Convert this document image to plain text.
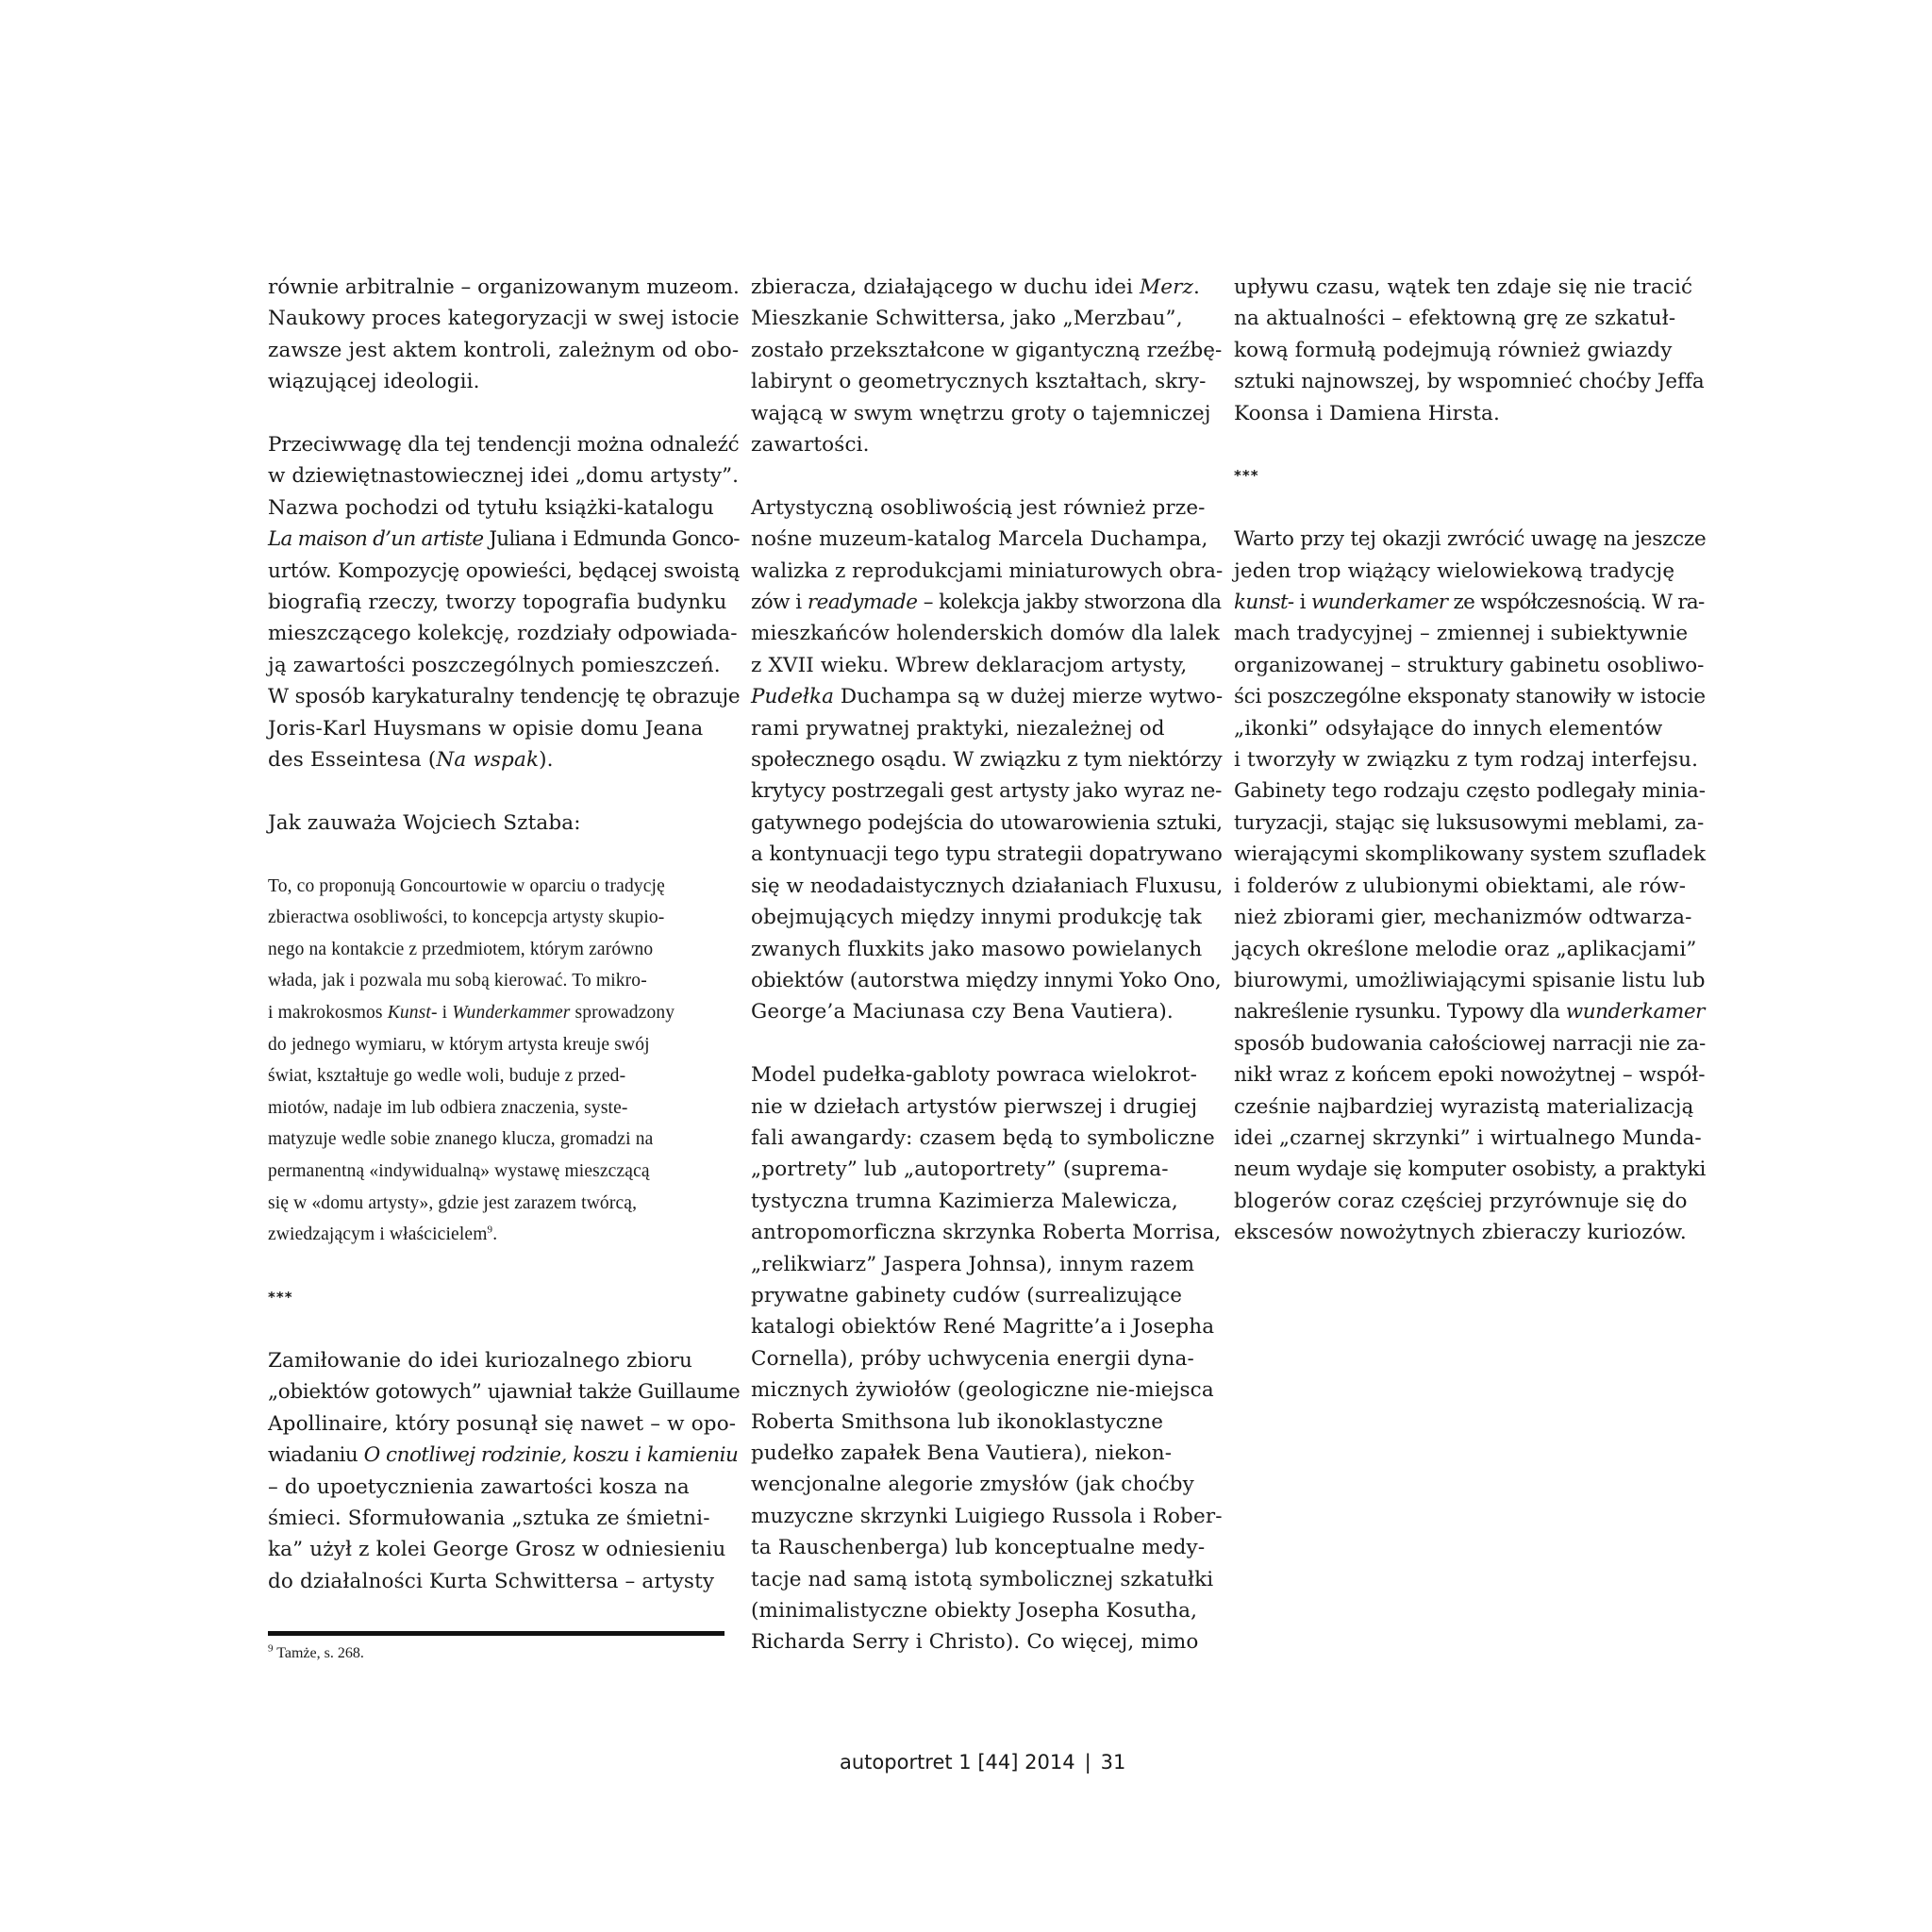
równie arbitralnie – organizowanym muzeom.
Naukowy proces kategoryzacji w swej istocie
zawsze jest aktem kontroli, zależnym od obo-
wiązującej ideologii.
Przeciwwagę dla tej tendencji można odnaleźć
w dziewiętnastowiecznej idei „domu artysty”.
Nazwa pochodzi od tytułu książki-katalogu
La maison d’un artiste Juliana i Edmunda Gonco-
urtów. Kompozycję opowieści, będącej swoistą
biografią rzeczy, tworzy topografia budynku
mieszczącego kolekcję, rozdziały odpowiada-
ją zawartości poszczególnych pomieszczeń.
W sposób karykaturalny tendencję tę obrazuje
Joris-Karl Huysmans w opisie domu Jeana
des Esseintesa (Na wspak).
Jak zauważa Wojciech Sztaba:
To, co proponują Goncourtowie w oparciu o tradycję
zbieractwa osobliwości, to koncepcja artysty skupio-
nego na kontakcie z przedmiotem, którym zarówno
włada, jak i pozwala mu sobą kierować. To mikro-
i makrokosmos Kunst- i Wunderkammer sprowadzony
do jednego wymiaru, w którym artysta kreuje swój
świat, kształtuje go wedle woli, buduje z przed-
miotów, nadaje im lub odbiera znaczenia, syste-
matyzuje wedle sobie znanego klucza, gromadzi na
permanentną «indywidualną» wystawę mieszczącą
się w «domu artysty», gdzie jest zarazem twórcą,
zwiedzającym i właścicielem$^9$.
***
Zamiłowanie do idei kuriozalnego zbioru
„obiektów gotowych” ujawniał także Guillaume
Apollinaire, który posunął się nawet – w opo-
wiadaniu O cnotliwej rodzinie, koszu i kamieniu
– do upoetycznienia zawartości kosza na
śmieci. Sformułowania „sztuka ze śmietni-
ka” użył z kolei George Grosz w odniesieniu
do działalności Kurta Schwittersa – artysty
zbieracza, działającego w duchu idei Merz.
Mieszkanie Schwittersa, jako „Merzbau”,
zostało przekształcone w gigantyczną rzeźbę-
labirynt o geometrycznych kształtach, skry-
wającą w swym wnętrzu groty o tajemniczej
zawartości.
Artystyczną osobliwością jest również prze-
nośne muzeum-katalog Marcela Duchampa,
walizka z reprodukcjami miniaturowych obra-
zów i readymade – kolekcja jakby stworzona dla
mieszkańców holenderskich domów dla lalek
z XVII wieku. Wbrew deklaracjom artysty,
Pudełka Duchampa są w dużej mierze wytwo-
rami prywatnej praktyki, niezależnej od
społecznego osądu. W związku z tym niektórzy
krytycy postrzegali gest artysty jako wyraz ne-
gatywnego podejścia do utowarowienia sztuki,
a kontynuacji tego typu strategii dopatrywano
się w neodadaistycznych działaniach Fluxusu,
obejmujących między innymi produkcję tak
zwanych fluxkits jako masowo powielanych
obiektów (autorstwa między innymi Yoko Ono,
George’a Maciunasa czy Bena Vautiera).
Model pudełka-gabloty powraca wielokrot-
nie w dziełach artystów pierwszej i drugiej
fali awangardy: czasem będą to symboliczne
„portrety” lub „autoportrety” (suprema-
tystyczna trumna Kazimierza Malewicza,
antropomorficzna skrzynka Roberta Morrisa,
„relikwiarz” Jaspera Johnsa), innym razem
prywatne gabinety cudów (surrealizujące
katalogi obiektów René Magritte’a i Josepha
Cornella), próby uchwycenia energii dyna-
micznych żywiołów (geologiczne nie-miejsca
Roberta Smithsona lub ikonoklastyczne
pudełko zapałek Bena Vautiera), niekon-
wencjonalne alegorie zmysłów (jak choćby
muzyczne skrzynki Luigiego Russola i Rober-
ta Rauschenberga) lub konceptualne medy-
tacje nad samą istotą symbolicznej szkatułki
(minimalistyczne obiekty Josepha Kosutha,
Richarda Serry i Christo). Co więcej, mimo
upływu czasu, wątek ten zdaje się nie tracić
na aktualności – efektowną grę ze szkatuł-
kową formułą podejmują również gwiazdy
sztuki najnowszej, by wspomnieć choćby Jeffa
Koonsa i Damiena Hirsta.
***
Warto przy tej okazji zwrócić uwagę na jeszcze
jeden trop wiążący wielowiekową tradycję
kunst- i wunderkamer ze współczesnością. W ra-
mach tradycyjnej – zmiennej i subiektywnie
organizowanej – struktury gabinetu osobliwo-
ści poszczególne eksponaty stanowiły w istocie
„ikonki” odsyłające do innych elementów
i tworzyły w związku z tym rodzaj interfejsu.
Gabinety tego rodzaju często podlegały minia-
turyzacji, stając się luksusowymi meblami, za-
wierającymi skomplikowany system szufladek
i folderów z ulubionymi obiektami, ale rów-
nież zbiorami gier, mechanizmów odtwarza-
jących określone melodie oraz „aplikacjami”
biurowymi, umożliwiającymi spisanie listu lub
nakreślenie rysunku. Typowy dla wunderkamer
sposób budowania całościowej narracji nie za-
nikł wraz z końcem epoki nowożytnej – współ-
cześnie najbardziej wyrazistą materializacją
idei „czarnej skrzynki” i wirtualnego Munda-
neum wydaje się komputer osobisty, a praktyki
blogerów coraz częściej przyrównuje się do
ekscesów nowożytnych zbieraczy kuriozów.
$^9$ Tamże, s. 268.
autoportret 1 [44] 2014 | 31
